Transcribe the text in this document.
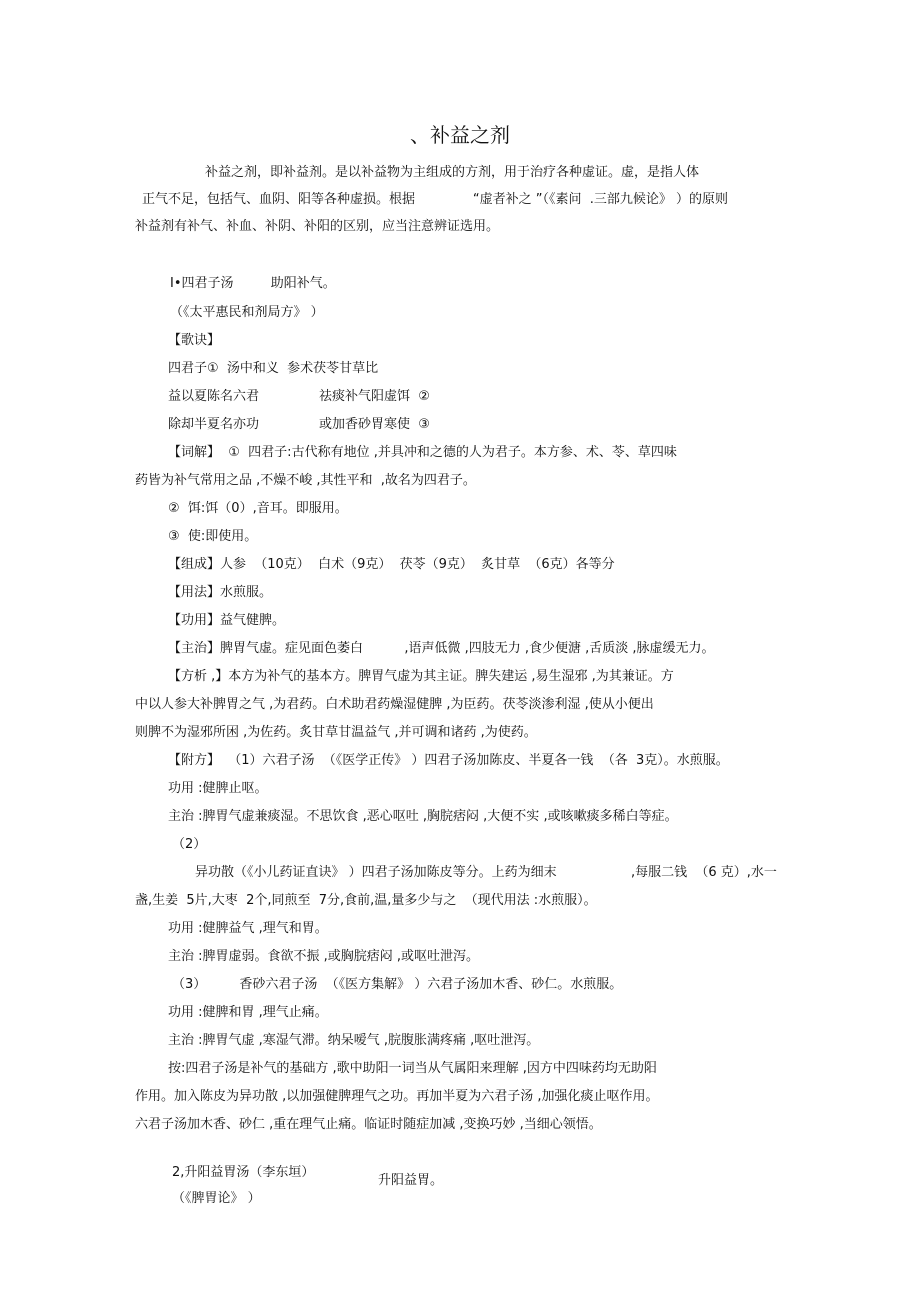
、补益之剂
补益之剂，即补益剂。是以补益物为主组成的方剂，用于治疗各种虚证。虚，是指人体
正气不足，包括气、血阴、阳等各种虚损。根据              “虚者补之 ”（《素问  .三部九候论》 ）的原则
补益剂有补气、补血、补阴、补阳的区别，应当注意辨证选用。
I•四君子汤         助阳补气。
（《太平惠民和剂局方》 ）
【歌诀】
四君子①  汤中和义  参术茯苓甘草比
益以夏陈名六君	祛痰补气阳虚饵  ②
除却半夏名亦功	或加香砂胃寒使  ③
【词解】  ①  四君子:古代称有地位 ,并具冲和之德的人为君子。本方参、术、苓、草四味
药皆为补气常用之品 ,不燥不峻 ,其性平和  ,故名为四君子。
②  饵:饵（0）,音耳。即服用。
③  使:即使用。
【组成】人参  （10克）  白术（9克）  茯苓（9克）  炙甘草  （6克）各等分
【用法】水煎服。
【功用】益气健脾。
【主治】脾胃气虚。症见面色萎白          ,语声低微 ,四肢无力 ,食少便溏 ,舌质淡 ,脉虚缓无力。
【方析 ,】本方为补气的基本方。脾胃气虚为其主证。脾失建运 ,易生湿邪 ,为其兼证。方
中以人参大补脾胃之气 ,为君药。白术助君药燥湿健脾 ,为臣药。茯苓淡渗利湿 ,使从小便出
则脾不为湿邪所困 ,为佐药。炙甘草甘温益气 ,并可调和诸药 ,为使药。
【附方】  （1）六君子汤  （《医学正传》 ）四君子汤加陈皮、半夏各一钱  （各  3克）。水煎服。
功用 :健脾止呕。
主治 :脾胃气虚兼痰湿。不思饮食 ,恶心呕吐 ,胸脘痞闷 ,大便不实 ,或咳嗽痰多稀白等症。
（2）
异功散（《小儿药证直诀》 ）四君子汤加陈皮等分。上药为细末	,每服二钱  （6 克）,水一
盏,生姜  5片,大枣  2个,同煎至  7分,食前,温,量多少与之  （现代用法 :水煎服）。
功用 :健脾益气 ,理气和胃。
主治 :脾胃虚弱。食欲不振 ,或胸脘痞闷 ,或呕吐泄泻。
（3）        香砂六君子汤  （《医方集解》 ）六君子汤加木香、砂仁。水煎服。
功用 :健脾和胃 ,理气止痛。
主治 :脾胃气虚 ,寒湿气滞。纳呆嗳气 ,脘腹胀满疼痛 ,呕吐泄泻。
按:四君子汤是补气的基础方 ,歌中助阳一词当从气属阳来理解 ,因方中四味药均无助阳
作用。加入陈皮为异功散 ,以加强健脾理气之功。再加半夏为六君子汤 ,加强化痰止呕作用。
六君子汤加木香、砂仁 ,重在理气止痛。临证时随症加减 ,变换巧妙 ,当细心领悟。
2,升阳益胃汤（李东垣）
升阳益胃。
（《脾胃论》 ）
